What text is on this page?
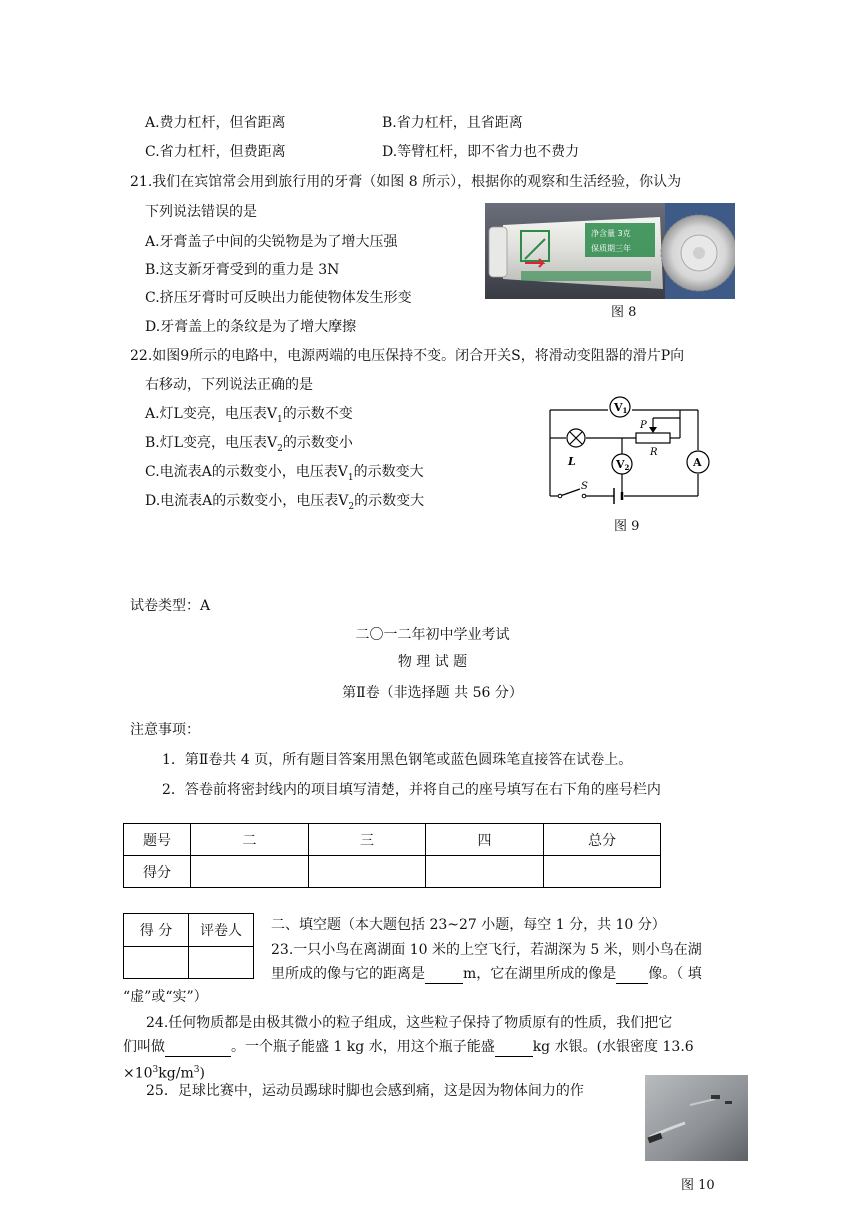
A.费力杠杆，但省距离	B.省力杠杆，且省距离
C.省力杠杆，但费距离	D.等臂杠杆，即不省力也不费力
21.我们在宾馆常会用到旅行用的牙膏（如图 8 所示），根据你的观察和生活经验，你认为
下列说法错误的是
A.牙膏盖子中间的尖锐物是为了增大压强
B.这支新牙膏受到的重力是 3N
C.挤压牙膏时可反映出力能使物体发生形变
D.牙膏盖上的条纹是为了增大摩擦
净含量 3克
保质期三年
图 8
22.如图9所示的电路中，电源两端的电压保持不变。闭合开关S，将滑动变阻器的滑片P向
右移动，下列说法正确的是
A.灯L变亮，电压表$V_1$的示数不变
B.灯L变亮，电压表$V_2$的示数变小
C.电流表A的示数变小，电压表$V_1$的示数变大
D.电流表A的示数变小，电压表$V_2$的示数变大
V1
L
P
R
V2	A
S
图 9
试卷类型：A
二〇一二年初中学业考试
物 理 试 题
第Ⅱ卷（非选择题 共 56 分）
注意事项：
1．第Ⅱ卷共 4 页，所有题目答案用黑色钢笔或蓝色圆珠笔直接答在试卷上。
2．答卷前将密封线内的项目填写清楚，并将自己的座号填写在右下角的座号栏内
题号	二	三	四	总分
得分				
得 分	评卷人
	二、填空题（本大题包括 23~27 小题，每空 1 分，共 10 分）
23.一只小鸟在离湖面 10 米的上空飞行，若湖深为 5 米，则小鸟在湖
里所成的像与它的距离是	m，它在湖里所成的像是 像。（ 填
“虚”或“实”）
24.任何物质都是由极其微小的粒子组成，这些粒子保持了物质原有的性质，我们把它
们叫做	。一个瓶子能盛 1 kg 水，用这个瓶子能盛	kg 水银。(水银密度 13.6
$\times 10^3kg/m^3$)
25．足球比赛中，运动员踢球时脚也会感到痛，这是因为物体间力的作
图 10
